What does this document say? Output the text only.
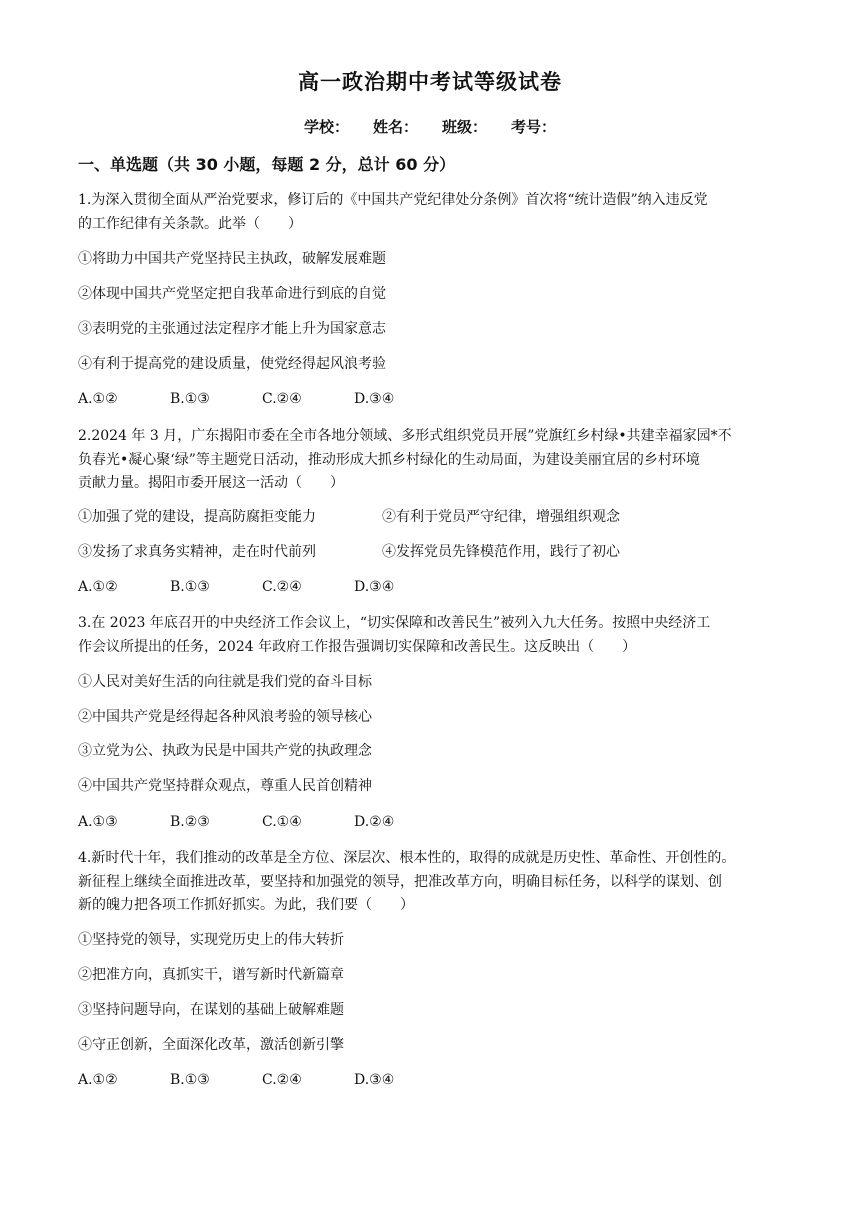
高一政治期中考试等级试卷
学校： 姓名： 班级： 考号：
一、单选题（共 30 小题，每题 2 分，总计 60 分）
1.为深入贯彻全面从严治党要求，修订后的《中国共产党纪律处分条例》首次将“统计造假”纳入违反党
的工作纪律有关条款。此举（　　）
①将助力中国共产党坚持民主执政，破解发展难题
②体现中国共产党坚定把自我革命进行到底的自觉
③表明党的主张通过法定程序才能上升为国家意志
④有利于提高党的建设质量，使党经得起风浪考验
A.①②	B.①③	C.②④	D.③④
2.2024 年 3 月，广东揭阳市委在全市各地分领域、多形式组织党员开展”党旗红乡村绿•共建幸福家园*不
负春光•凝心聚‘绿”等主题党日活动，推动形成大抓乡村绿化的生动局面，为建设美丽宜居的乡村环境
贡献力量。揭阳市委开展这一活动（　　）
①加强了党的建设，提高防腐拒变能力	②有利于党员严守纪律，增强组织观念
③发扬了求真务实精神，走在时代前列	④发挥党员先锋模范作用，践行了初心
A.①②	B.①③	C.②④	D.③④
3.在 2023 年底召开的中央经济工作会议上，“切实保障和改善民生”被列入九大任务。按照中央经济工
作会议所提出的任务，2024 年政府工作报告强调切实保障和改善民生。这反映出（　　）
①人民对美好生活的向往就是我们党的奋斗目标
②中国共产党是经得起各种风浪考验的领导核心
③立党为公、执政为民是中国共产党的执政理念
④中国共产党坚持群众观点，尊重人民首创精神
A.①③	B.②③	C.①④	D.②④
4.新时代十年，我们推动的改革是全方位、深层次、根本性的，取得的成就是历史性、革命性、开创性的。
新征程上继续全面推进改革，要坚持和加强党的领导，把准改革方向，明确目标任务，以科学的谋划、创
新的魄力把各项工作抓好抓实。为此，我们要（　　）
①坚持党的领导，实现党历史上的伟大转折
②把准方向，真抓实干，谱写新时代新篇章
③坚持问题导向，在谋划的基础上破解难题
④守正创新，全面深化改革，激活创新引擎
A.①②	B.①③	C.②④	D.③④
